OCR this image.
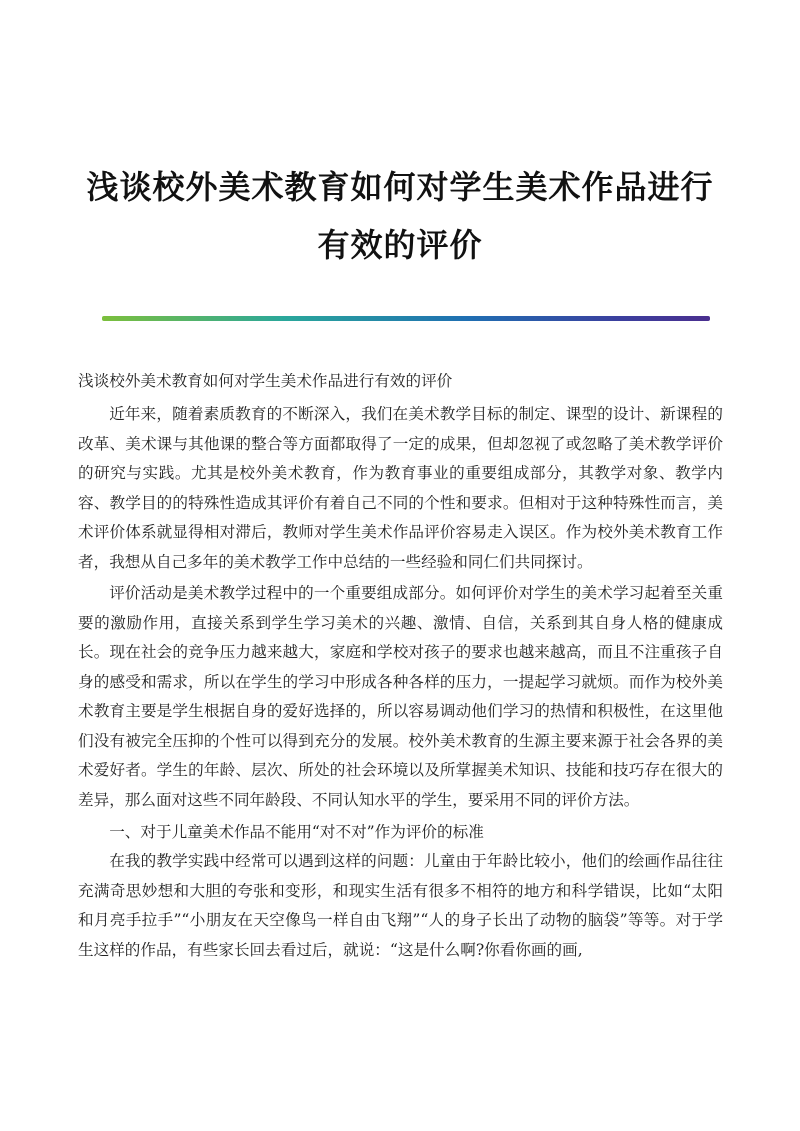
浅谈校外美术教育如何对学生美术作品进行
有效的评价

浅谈校外美术教育如何对学生美术作品进行有效的评价

近年来，随着素质教育的不断深入，我们在美术教学目标的制定、课型的设计、新课程的改革、美术课与其他课的整合等方面都取得了一定的成果，但却忽视了或忽略了美术教学评价的研究与实践。尤其是校外美术教育，作为教育事业的重要组成部分，其教学对象、教学内容、教学目的的特殊性造成其评价有着自己不同的个性和要求。但相对于这种特殊性而言，美术评价体系就显得相对滞后，教师对学生美术作品评价容易走入误区。作为校外美术教育工作者，我想从自己多年的美术教学工作中总结的一些经验和同仁们共同探讨。

评价活动是美术教学过程中的一个重要组成部分。如何评价对学生的美术学习起着至关重要的激励作用，直接关系到学生学习美术的兴趣、激情、自信，关系到其自身人格的健康成长。现在社会的竞争压力越来越大，家庭和学校对孩子的要求也越来越高，而且不注重孩子自身的感受和需求，所以在学生的学习中形成各种各样的压力，一提起学习就烦。而作为校外美术教育主要是学生根据自身的爱好选择的，所以容易调动他们学习的热情和积极性，在这里他们没有被完全压抑的个性可以得到充分的发展。校外美术教育的生源主要来源于社会各界的美术爱好者。学生的年龄、层次、所处的社会环境以及所掌握美术知识、技能和技巧存在很大的差异，那么面对这些不同年龄段、不同认知水平的学生，要采用不同的评价方法。

一、对于儿童美术作品不能用“对不对”作为评价的标准

在我的教学实践中经常可以遇到这样的问题：儿童由于年龄比较小，他们的绘画作品往往充满奇思妙想和大胆的夸张和变形，和现实生活有很多不相符的地方和科学错误，比如“太阳和月亮手拉手”“小朋友在天空像鸟一样自由飞翔”“人的身子长出了动物的脑袋”等等。对于学生这样的作品，有些家长回去看过后，就说：“这是什么啊?你看你画的画,
